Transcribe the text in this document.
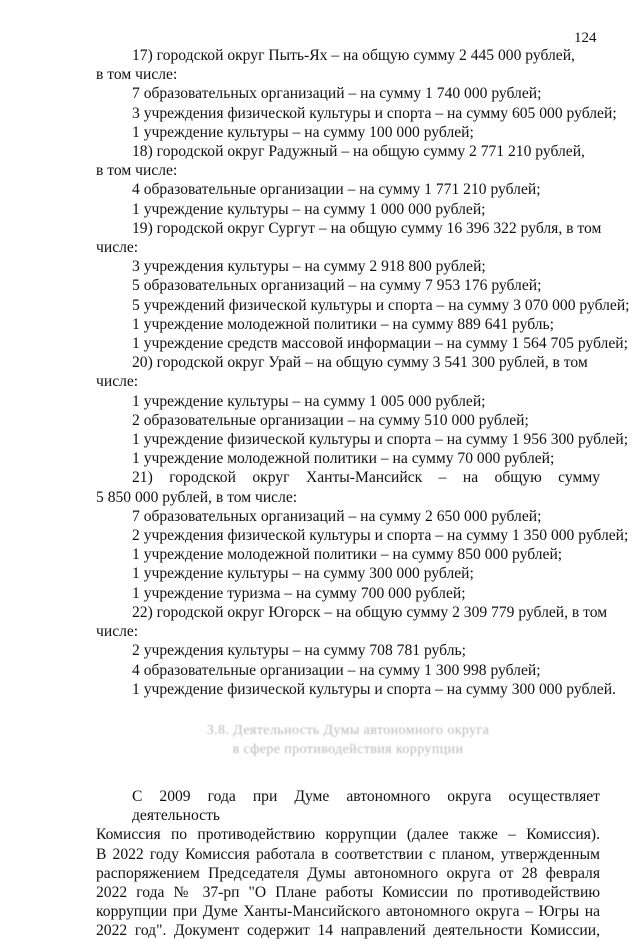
124
17) городской округ Пыть-Ях – на общую сумму 2 445 000 рублей,
в том числе:
7 образовательных организаций – на сумму 1 740 000 рублей;
3 учреждения физической культуры и спорта – на сумму 605 000 рублей;
1 учреждение культуры – на сумму 100 000 рублей;
18) городской округ Радужный – на общую сумму 2 771 210 рублей,
в том числе:
4 образовательные организации – на сумму 1 771 210 рублей;
1 учреждение культуры – на сумму 1 000 000 рублей;
19) городской округ Сургут – на общую сумму 16 396 322 рубля, в том
числе:
3 учреждения культуры – на сумму 2 918 800 рублей;
5 образовательных организаций – на сумму 7 953 176 рублей;
5 учреждений физической культуры и спорта – на сумму 3 070 000 рублей;
1 учреждение молодежной политики – на сумму 889 641 рубль;
1 учреждение средств массовой информации – на сумму 1 564 705 рублей;
20) городской округ Урай – на общую сумму 3 541 300 рублей, в том
числе:
1 учреждение культуры – на сумму 1 005 000 рублей;
2 образовательные организации – на сумму 510 000 рублей;
1 учреждение физической культуры и спорта – на сумму 1 956 300 рублей;
1 учреждение молодежной политики – на сумму 70 000 рублей;
21) городской округ Ханты-Мансийск – на общую сумму
5 850 000 рублей, в том числе:
7 образовательных организаций – на сумму 2 650 000 рублей;
2 учреждения физической культуры и спорта – на сумму 1 350 000 рублей;
1 учреждение молодежной политики – на сумму 850 000 рублей;
1 учреждение культуры – на сумму 300 000 рублей;
1 учреждение туризма – на сумму 700 000 рублей;
22) городской округ Югорск – на общую сумму 2 309 779 рублей, в том
числе:
2 учреждения культуры – на сумму 708 781 рубль;
4 образовательные организации – на сумму 1 300 998 рублей;
1 учреждение физической культуры и спорта – на сумму 300 000 рублей.
3.8. Деятельность Думы автономного округа
в сфере противодействия коррупции
С 2009 года при Думе автономного округа осуществляет деятельность
Комиссия по противодействию коррупции (далее также – Комиссия).
В 2022 году Комиссия работала в соответствии с планом, утвержденным
распоряжением Председателя Думы автономного округа от 28 февраля
2022 года № 37-рп "О Плане работы Комиссии по противодействию
коррупции при Думе Ханты-Мансийского автономного округа – Югры на
2022 год". Документ содержит 14 направлений деятельности Комиссии,
